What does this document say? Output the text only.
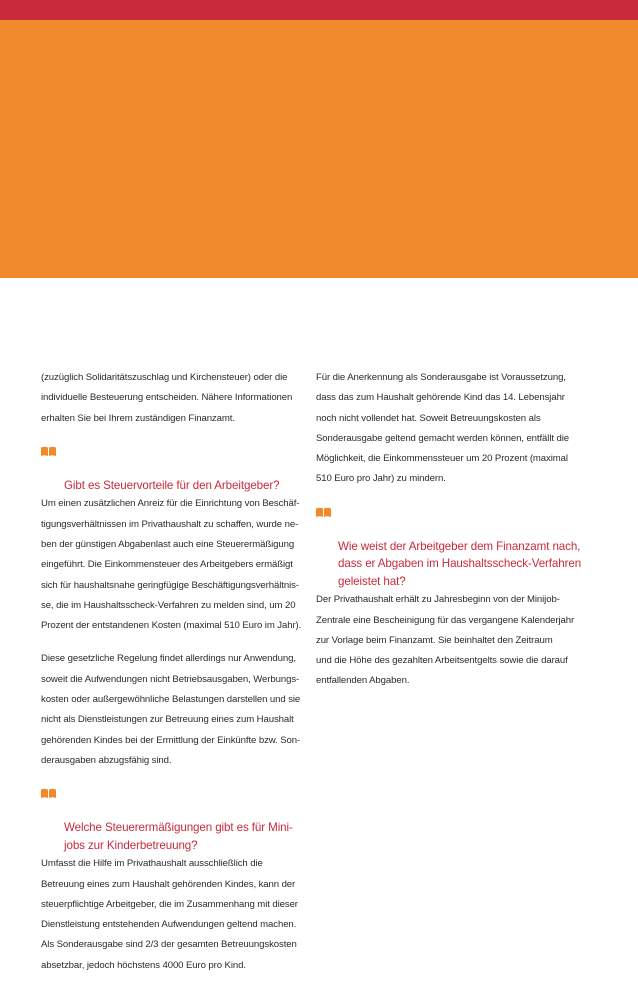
(zuzüglich Solidaritätszuschlag und Kirchensteuer) oder die
individuelle Besteuerung entscheiden. Nähere Informationen
erhalten Sie bei Ihrem zuständigen Finanzamt.

Gibt es Steuervorteile für den Arbeitgeber?

Um einen zusätzlichen Anreiz für die Einrichtung von Beschäf-
tigungsverhältnissen im Privathaushalt zu schaffen, wurde ne-
ben der günstigen Abgabenlast auch eine Steuerermäßigung
eingeführt. Die Einkommensteuer des Arbeitgebers ermäßigt
sich für haushaltsnahe geringfügige Beschäftigungsverhältnis-
se, die im Haushaltsscheck-Verfahren zu melden sind, um 20
Prozent der entstandenen Kosten (maximal 510 Euro im Jahr).

Diese gesetzliche Regelung findet allerdings nur Anwendung,
soweit die Aufwendungen nicht Betriebsausgaben, Werbungs-
kosten oder außergewöhnliche Belastungen darstellen und sie
nicht als Dienstleistungen zur Betreuung eines zum Haushalt
gehörenden Kindes bei der Ermittlung der Einkünfte bzw. Son-
derausgaben abzugsfähig sind.

Welche Steuerermäßigungen gibt es für Mini-
jobs zur Kinderbetreuung?

Umfasst die Hilfe im Privathaushalt ausschließlich die
Betreuung eines zum Haushalt gehörenden Kindes, kann der
steuerpflichtige Arbeitgeber, die im Zusammenhang mit dieser
Dienstleistung entstehenden Aufwendungen geltend machen.
Als Sonderausgabe sind 2/3 der gesamten Betreuungskosten
absetzbar, jedoch höchstens 4000 Euro pro Kind.

Für die Anerkennung als Sonderausgabe ist Voraussetzung,
dass das zum Haushalt gehörende Kind das 14. Lebensjahr
noch nicht vollendet hat. Soweit Betreuungskosten als
Sonderausgabe geltend gemacht werden können, entfällt die
Möglichkeit, die Einkommenssteuer um 20 Prozent (maximal
510 Euro pro Jahr) zu mindern.

Wie weist der Arbeitgeber dem Finanzamt nach,
dass er Abgaben im Haushaltsscheck-Verfahren
geleistet hat?

Der Privathaushalt erhält zu Jahresbeginn von der Minijob-
Zentrale eine Bescheinigung für das vergangene Kalenderjahr
zur Vorlage beim Finanzamt. Sie beinhaltet den Zeitraum
und die Höhe des gezahlten Arbeitsentgelts sowie die darauf
entfallenden Abgaben.
